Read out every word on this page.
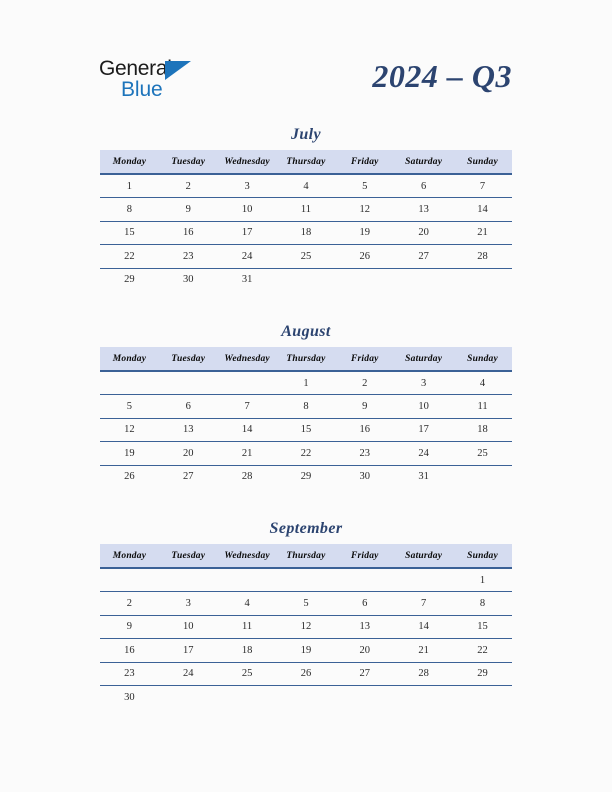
General
Blue	2024 – Q3
July
Monday	Tuesday	Wednesday	Thursday	Friday	Saturday	Sunday
1	2	3	4	5	6	7
8	9	10	11	12	13	14
15	16	17	18	19	20	21
22	23	24	25	26	27	28
29	30	31				
August
Monday	Tuesday	Wednesday	Thursday	Friday	Saturday	Sunday
			1	2	3	4
5	6	7	8	9	10	11
12	13	14	15	16	17	18
19	20	21	22	23	24	25
26	27	28	29	30	31	
September
Monday	Tuesday	Wednesday	Thursday	Friday	Saturday	Sunday
						1
2	3	4	5	6	7	8
9	10	11	12	13	14	15
16	17	18	19	20	21	22
23	24	25	26	27	28	29
30						
